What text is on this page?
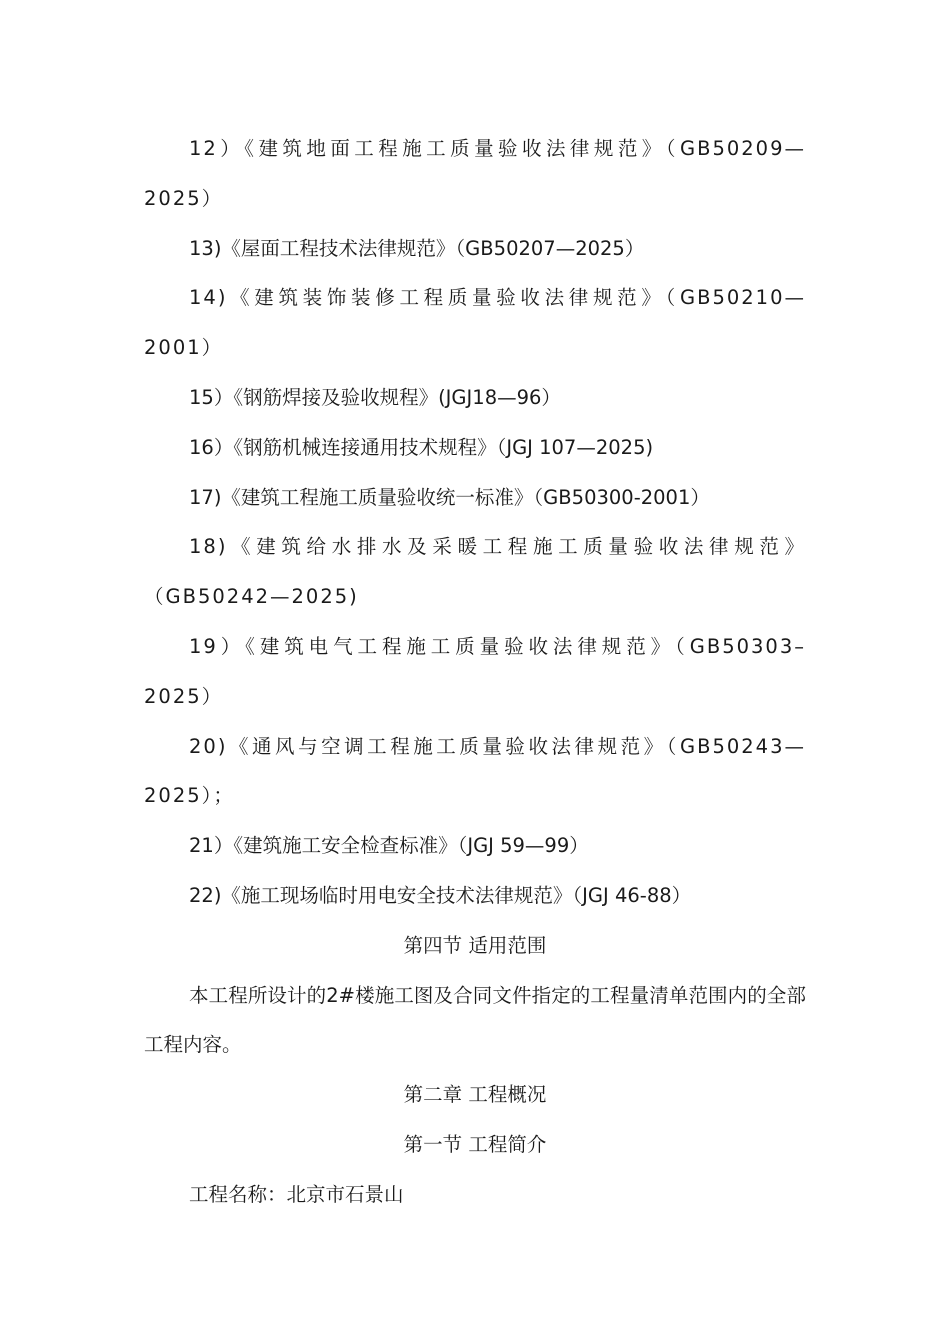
12）《建筑地面工程施工质量验收法律规范》（GB50209—2025）

13)《屋面工程技术法律规范》（GB50207—2025）

14)《建筑装饰装修工程质量验收法律规范》（GB50210—2001）

15）《钢筋焊接及验收规程》(JGJ18—96）

16）《钢筋机械连接通用技术规程》（JGJ 107—2025)

17)《建筑工程施工质量验收统一标准》（GB50300-2001）

18)《建筑给水排水及采暖工程施工质量验收法律规范》（GB50242—2025)

19）《建筑电气工程施工质量验收法律规范》（GB50303–2025）

20)《通风与空调工程施工质量验收法律规范》（GB50243—2025）；

21）《建筑施工安全检查标准》（JGJ 59—99）

22)《施工现场临时用电安全技术法律规范》（JGJ 46-88）

第四节 适用范围

本工程所设计的2#楼施工图及合同文件指定的工程量清单范围内的全部工程内容。

第二章 工程概况

第一节 工程简介

工程名称：北京市石景山
